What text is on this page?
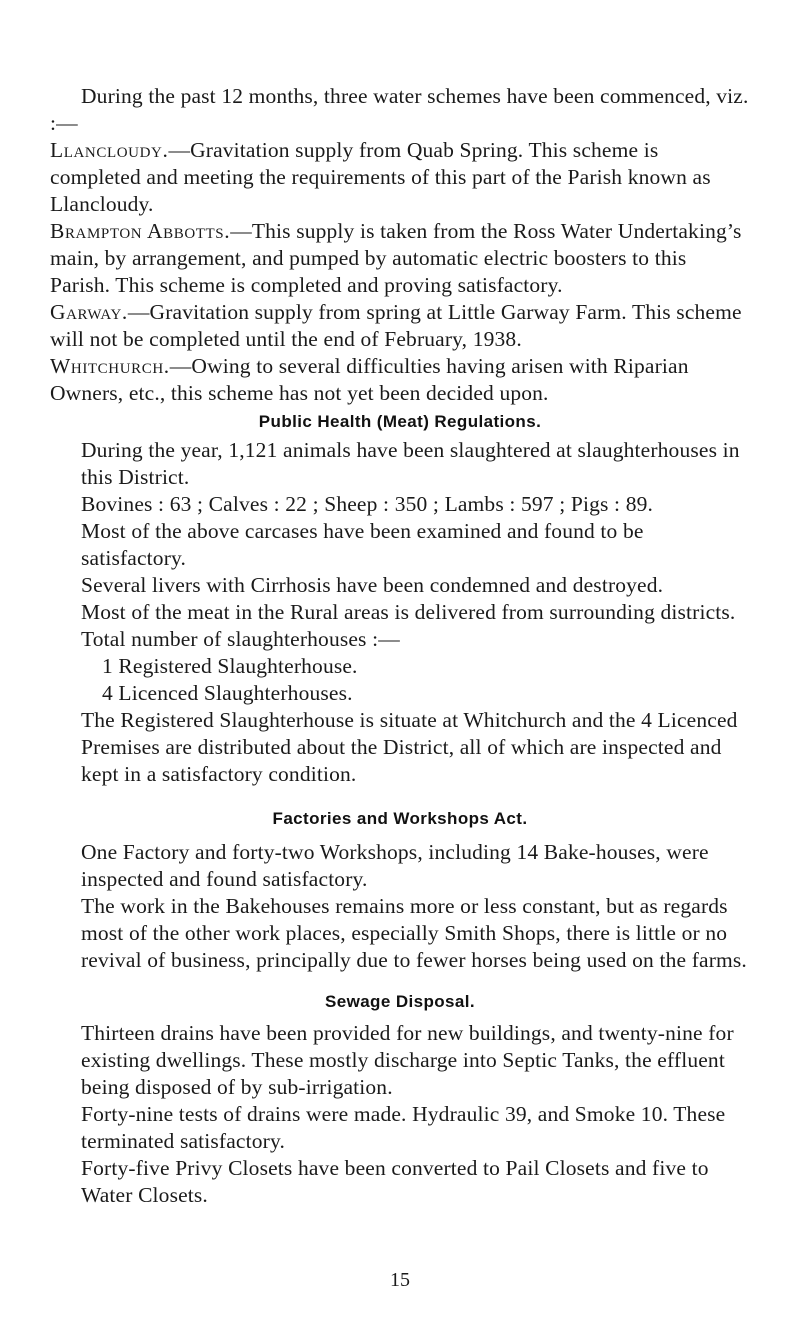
During the past 12 months, three water schemes have been commenced, viz. :—

Llancloudy.—Gravitation supply from Quab Spring. This scheme is completed and meeting the requirements of this part of the Parish known as Llancloudy.

Brampton Abbotts.—This supply is taken from the Ross Water Undertaking’s main, by arrangement, and pumped by automatic electric boosters to this Parish. This scheme is completed and proving satisfactory.

Garway.—Gravitation supply from spring at Little Garway Farm. This scheme will not be completed until the end of February, 1938.

Whitchurch.—Owing to several difficulties having arisen with Riparian Owners, etc., this scheme has not yet been decided upon.

Public Health (Meat) Regulations.

During the year, 1,121 animals have been slaughtered at slaughterhouses in this District.

Bovines : 63 ; Calves : 22 ; Sheep : 350 ; Lambs : 597 ; Pigs : 89.

Most of the above carcases have been examined and found to be satisfactory.

Several livers with Cirrhosis have been condemned and destroyed.

Most of the meat in the Rural areas is delivered from surrounding districts.

Total number of slaughterhouses :—

1 Registered Slaughterhouse.

4 Licenced Slaughterhouses.

The Registered Slaughterhouse is situate at Whitchurch and the 4 Licenced Premises are distributed about the District, all of which are inspected and kept in a satisfactory condition.

Factories and Workshops Act.

One Factory and forty-two Workshops, including 14 Bake-houses, were inspected and found satisfactory.

The work in the Bakehouses remains more or less constant, but as regards most of the other work places, especially Smith Shops, there is little or no revival of business, principally due to fewer horses being used on the farms.

Sewage Disposal.

Thirteen drains have been provided for new buildings, and twenty-nine for existing dwellings. These mostly discharge into Septic Tanks, the effluent being disposed of by sub-irrigation.

Forty-nine tests of drains were made. Hydraulic 39, and Smoke 10. These terminated satisfactory.

Forty-five Privy Closets have been converted to Pail Closets and five to Water Closets.

15
